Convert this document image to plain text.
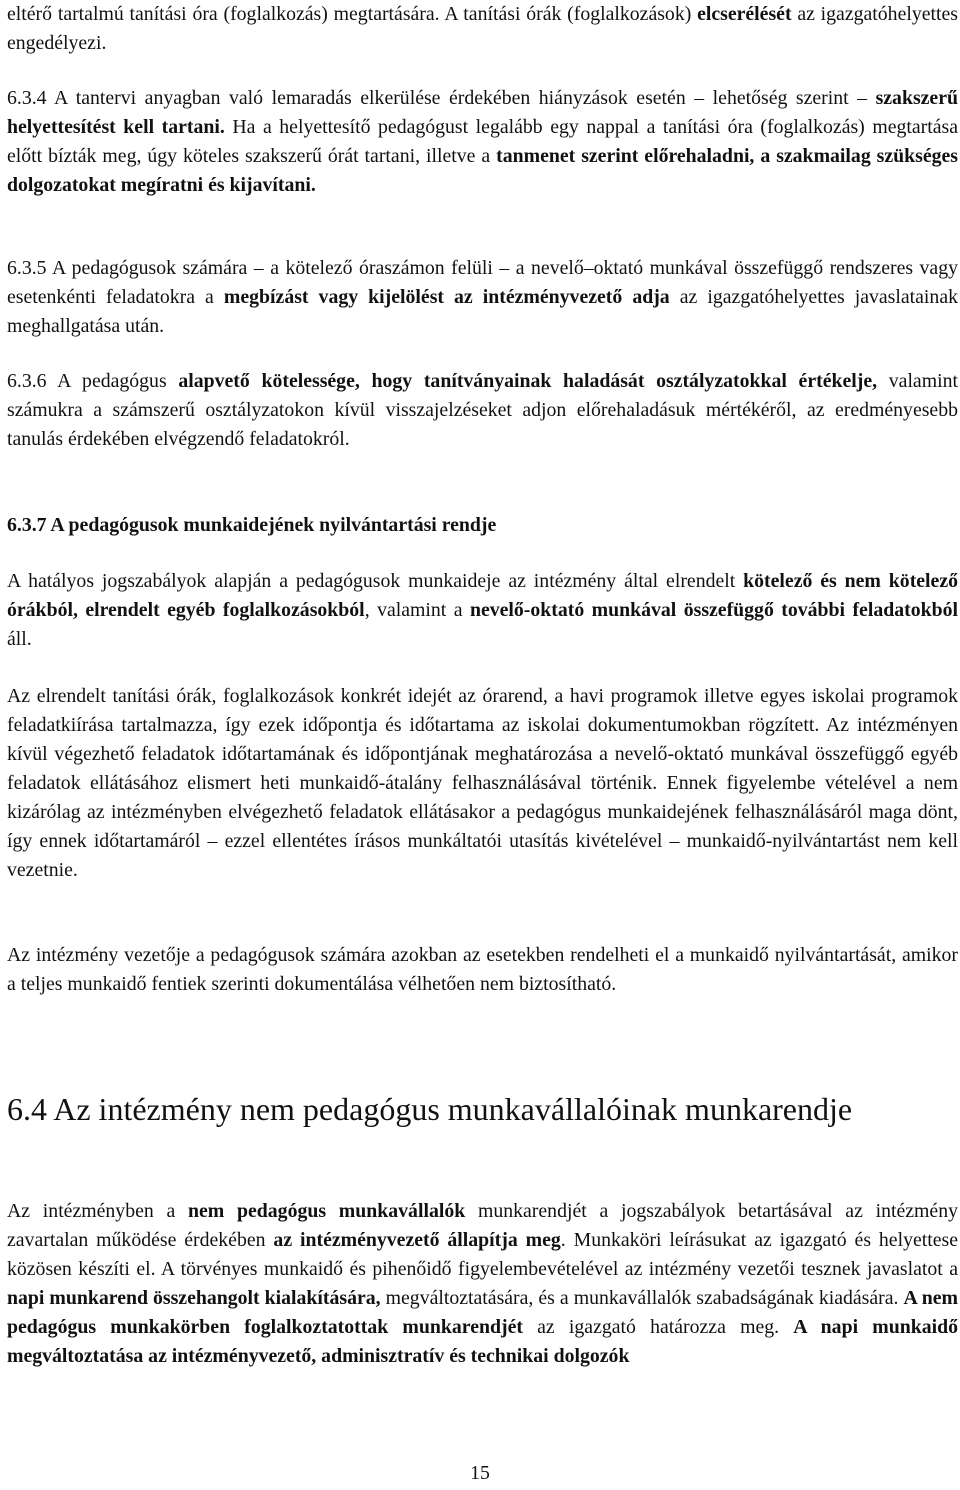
eltérő tartalmú tanítási óra (foglalkozás) megtartására. A tanítási órák (foglalkozások) elcserélését az igazgatóhelyettes engedélyezi.

6.3.4 A tantervi anyagban való lemaradás elkerülése érdekében hiányzások esetén – lehetőség szerint – szakszerű helyettesítést kell tartani. Ha a helyettesítő pedagógust legalább egy nappal a tanítási óra (foglalkozás) megtartása előtt bízták meg, úgy köteles szakszerű órát tartani, illetve a tanmenet szerint előrehaladni, a szakmailag szükséges dolgozatokat megíratni és kijavítani.

6.3.5 A pedagógusok számára – a kötelező óraszámon felüli – a nevelő–oktató munkával összefüggő rendszeres vagy esetenkénti feladatokra a megbízást vagy kijelölést az intézményvezető adja az igazgatóhelyettes javaslatainak meghallgatása után.

6.3.6 A pedagógus alapvető kötelessége, hogy tanítványainak haladását osztályzatokkal értékelje, valamint számukra a számszerű osztályzatokon kívül visszajelzéseket adjon előrehaladásuk mértékéről, az eredményesebb tanulás érdekében elvégzendő feladatokról.

6.3.7 A pedagógusok munkaidejének nyilvántartási rendje

A hatályos jogszabályok alapján a pedagógusok munkaideje az intézmény által elrendelt kötelező és nem kötelező órákból, elrendelt egyéb foglalkozásokból, valamint a nevelő-oktató munkával összefüggő további feladatokból áll.

Az elrendelt tanítási órák, foglalkozások konkrét idejét az órarend, a havi programok illetve egyes iskolai programok feladatkiírása tartalmazza, így ezek időpontja és időtartama az iskolai dokumentumokban rögzített. Az intézményen kívül végezhető feladatok időtartamának és időpontjának meghatározása a nevelő-oktató munkával összefüggő egyéb feladatok ellátásához elismert heti munkaidő-átalány felhasználásával történik. Ennek figyelembe vételével a nem kizárólag az intézményben elvégezhető feladatok ellátásakor a pedagógus munkaidejének felhasználásáról maga dönt, így ennek időtartamáról – ezzel ellentétes írásos munkáltatói utasítás kivételével – munkaidő-nyilvántartást nem kell vezetnie.

Az intézmény vezetője a pedagógusok számára azokban az esetekben rendelheti el a munkaidő nyilvántartását, amikor a teljes munkaidő fentiek szerinti dokumentálása vélhetően nem biztosítható.

6.4 Az intézmény nem pedagógus munkavállalóinak munkarendje

Az intézményben a nem pedagógus munkavállalók munkarendjét a jogszabályok betartásával az intézmény zavartalan működése érdekében az intézményvezető állapítja meg. Munkaköri leírásukat az igazgató és helyettese közösen készíti el. A törvényes munkaidő és pihenőidő figyelembevételével az intézmény vezetői tesznek javaslatot a napi munkarend összehangolt kialakítására, megváltoztatására, és a munkavállalók szabadságának kiadására. A nem pedagógus munkakörben foglalkoztatottak munkarendjét az igazgató határozza meg. A napi munkaidő megváltoztatása az intézményvezető, adminisztratív és technikai dolgozók

15
